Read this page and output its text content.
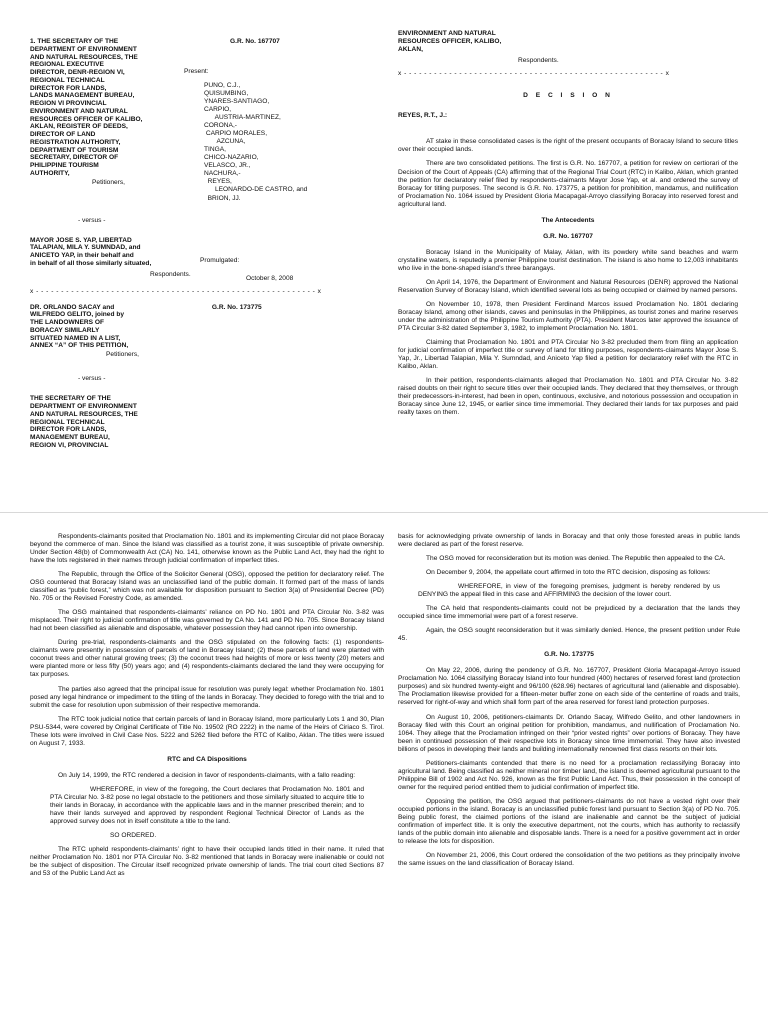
1. THE SECRETARY OF THE
DEPARTMENT OF ENVIRONMENT
AND NATURAL RESOURCES, THE
REGIONAL EXECUTIVE
DIRECTOR, DENR-REGION VI,
REGIONAL TECHNICAL
DIRECTOR FOR LANDS,
LANDS MANAGEMENT BUREAU,
REGION VI PROVINCIAL
ENVIRONMENT AND NATURAL
RESOURCES OFFICER OF KALIBO,
AKLAN, REGISTER OF DEEDS,
DIRECTOR OF LAND
REGISTRATION AUTHORITY,
DEPARTMENT OF TOURISM
SECRETARY, DIRECTOR OF
PHILIPPINE TOURISM
AUTHORITY,
Petitioners,
G.R. No. 167707
Present:
PUNO, C.J.,
QUISUMBING,
YNARES-SANTIAGO,
CARPIO,
AUSTRIA-MARTINEZ,
CORONA,-
CARPIO MORALES,
AZCUNA,
TINGA,
CHICO-NAZARIO,
VELASCO, JR.,
NACHURA,-
REYES,
LEONARDO-DE CASTRO, and
BRION, JJ.
- versus -
MAYOR JOSE S. YAP, LIBERTAD
TALAPIAN, MILA Y. SUMNDAD, and
ANICETO YAP, in their behalf and
in behalf of all those similarly situated,
Respondents.
Promulgated:
October 8, 2008
x - - - - - - - - - - - - - - - - - - - - - - - - - - - - - - - - - - - - - - - - - - - - - - - - - - - - - - - - x
DR. ORLANDO SACAY and
WILFREDO GELITO, joined by
THE LANDOWNERS OF
BORACAY SIMILARLY
SITUATED NAMED IN A LIST,
ANNEX “A” OF THIS PETITION,
Petitioners,
G.R. No. 173775
- versus -
THE SECRETARY OF THE
DEPARTMENT OF ENVIRONMENT
AND NATURAL RESOURCES, THE
REGIONAL TECHNICAL
DIRECTOR FOR LANDS,
MANAGEMENT BUREAU,
REGION VI, PROVINCIAL
ENVIRONMENT AND NATURAL
RESOURCES OFFICER, KALIBO,
AKLAN,
Respondents.
x - - - - - - - - - - - - - - - - - - - - - - - - - - - - - - - - - - - - - - - - - - - - - - - - - - - - x
D E C I S I O N
REYES, R.T., J.:

AT stake in these consolidated cases is the right of the present occupants of Boracay Island to secure titles over their occupied lands.

There are two consolidated petitions. The first is G.R. No. 167707, a petition for review on certiorari of the Decision of the Court of Appeals (CA) affirming that of the Regional Trial Court (RTC) in Kalibo, Aklan, which granted the petition for declaratory relief filed by respondents-claimants Mayor Jose Yap, et al. and ordered the survey of Boracay for titling purposes. The second is G.R. No. 173775, a petition for prohibition, mandamus, and nullification of Proclamation No. 1064 issued by President Gloria Macapagal-Arroyo classifying Boracay into reserved forest and agricultural land.

The Antecedents
G.R. No. 167707

Boracay Island in the Municipality of Malay, Aklan, with its powdery white sand beaches and warm crystalline waters, is reputedly a premier Philippine tourist destination. The island is also home to 12,003 inhabitants who live in the bone-shaped island’s three barangays.

On April 14, 1976, the Department of Environment and Natural Resources (DENR) approved the National Reservation Survey of Boracay Island, which identified several lots as being occupied or claimed by named persons.

On November 10, 1978, then President Ferdinand Marcos issued Proclamation No. 1801 declaring Boracay Island, among other islands, caves and peninsulas in the Philippines, as tourist zones and marine reserves under the administration of the Philippine Tourism Authority (PTA). President Marcos later approved the issuance of PTA Circular 3-82 dated September 3, 1982, to implement Proclamation No. 1801.

Claiming that Proclamation No. 1801 and PTA Circular No 3-82 precluded them from filing an application for judicial confirmation of imperfect title or survey of land for titling purposes, respondents-claimants Mayor Jose S. Yap, Jr., Libertad Talapian, Mila Y. Sumndad, and Aniceto Yap filed a petition for declaratory relief with the RTC in Kalibo, Aklan.

In their petition, respondents-claimants alleged that Proclamation No. 1801 and PTA Circular No. 3-82 raised doubts on their right to secure titles over their occupied lands. They declared that they themselves, or through their predecessors-in-interest, had been in open, continuous, exclusive, and notorious possession and occupation in Boracay since June 12, 1945, or earlier since time immemorial. They declared their lands for tax purposes and paid realty taxes on them.

Respondents-claimants posited that Proclamation No. 1801 and its implementing Circular did not place Boracay beyond the commerce of man. Since the Island was classified as a tourist zone, it was susceptible of private ownership. Under Section 48(b) of Commonwealth Act (CA) No. 141, otherwise known as the Public Land Act, they had the right to have the lots registered in their names through judicial confirmation of imperfect titles.

The Republic, through the Office of the Solicitor General (OSG), opposed the petition for declaratory relief. The OSG countered that Boracay Island was an unclassified land of the public domain. It formed part of the mass of lands classified as “public forest,” which was not available for disposition pursuant to Section 3(a) of Presidential Decree (PD) No. 705 or the Revised Forestry Code, as amended.

The OSG maintained that respondents-claimants’ reliance on PD No. 1801 and PTA Circular No. 3-82 was misplaced. Their right to judicial confirmation of title was governed by CA No. 141 and PD No. 705. Since Boracay Island had not been classified as alienable and disposable, whatever possession they had cannot ripen into ownership.

During pre-trial, respondents-claimants and the OSG stipulated on the following facts: (1) respondents-claimants were presently in possession of parcels of land in Boracay Island; (2) these parcels of land were planted with coconut trees and other natural growing trees; (3) the coconut trees had heights of more or less twenty (20) meters and were planted more or less fifty (50) years ago; and (4) respondents-claimants declared the land they were occupying for tax purposes.

The parties also agreed that the principal issue for resolution was purely legal: whether Proclamation No. 1801 posed any legal hindrance or impediment to the titling of the lands in Boracay. They decided to forego with the trial and to submit the case for resolution upon submission of their respective memoranda.

The RTC took judicial notice that certain parcels of land in Boracay Island, more particularly Lots 1 and 30, Plan PSU-5344, were covered by Original Certificate of Title No. 19502 (RO 2222) in the name of the Heirs of Ciriaco S. Tirol. These lots were involved in Civil Case Nos. 5222 and 5262 filed before the RTC of Kalibo, Aklan. The titles were issued on August 7, 1933.

RTC and CA Dispositions

On July 14, 1999, the RTC rendered a decision in favor of respondents-claimants, with a fallo reading:

WHEREFORE, in view of the foregoing, the Court declares that Proclamation No. 1801 and PTA Circular No. 3-82 pose no legal obstacle to the petitioners and those similarly situated to acquire title to their lands in Boracay, in accordance with the applicable laws and in the manner prescribed therein; and to have their lands surveyed and approved by respondent Regional Technical Director of Lands as the approved survey does not in itself constitute a title to the land.

SO ORDERED.

The RTC upheld respondents-claimants’ right to have their occupied lands titled in their name. It ruled that neither Proclamation No. 1801 nor PTA Circular No. 3-82 mentioned that lands in Boracay were inalienable or could not be the subject of disposition. The Circular itself recognized private ownership of lands. The trial court cited Sections 87 and 53 of the Public Land Act as

basis for acknowledging private ownership of lands in Boracay and that only those forested areas in public lands were declared as part of the forest reserve.

The OSG moved for reconsideration but its motion was denied. The Republic then appealed to the CA.

On December 9, 2004, the appellate court affirmed in toto the RTC decision, disposing as follows:

WHEREFORE, in view of the foregoing premises, judgment is hereby rendered by us DENYING the appeal filed in this case and AFFIRMING the decision of the lower court.

The CA held that respondents-claimants could not be prejudiced by a declaration that the lands they occupied since time immemorial were part of a forest reserve.

Again, the OSG sought reconsideration but it was similarly denied. Hence, the present petition under Rule 45.

G.R. No. 173775

On May 22, 2006, during the pendency of G.R. No. 167707, President Gloria Macapagal-Arroyo issued Proclamation No. 1064 classifying Boracay Island into four hundred (400) hectares of reserved forest land (protection purposes) and six hundred twenty-eight and 96/100 (628.96) hectares of agricultural land (alienable and disposable). The Proclamation likewise provided for a fifteen-meter buffer zone on each side of the centerline of roads and trails, reserved for right-of-way and which shall form part of the area reserved for forest land protection purposes.

On August 10, 2006, petitioners-claimants Dr. Orlando Sacay, Wilfredo Gelito, and other landowners in Boracay filed with this Court an original petition for prohibition, mandamus, and nullification of Proclamation No. 1064. They allege that the Proclamation infringed on their “prior vested rights” over portions of Boracay. They have been in continued possession of their respective lots in Boracay since time immemorial. They have also invested billions of pesos in developing their lands and building internationally renowned first class resorts on their lots.

Petitioners-claimants contended that there is no need for a proclamation reclassifying Boracay into agricultural land. Being classified as neither mineral nor timber land, the island is deemed agricultural pursuant to the Philippine Bill of 1902 and Act No. 926, known as the first Public Land Act. Thus, their possession in the concept of owner for the required period entitled them to judicial confirmation of imperfect title.

Opposing the petition, the OSG argued that petitioners-claimants do not have a vested right over their occupied portions in the island. Boracay is an unclassified public forest land pursuant to Section 3(a) of PD No. 705. Being public forest, the claimed portions of the island are inalienable and cannot be the subject of judicial confirmation of imperfect title. It is only the executive department, not the courts, which has authority to reclassify lands of the public domain into alienable and disposable lands. There is a need for a positive government act in order to release the lots for disposition.

On November 21, 2006, this Court ordered the consolidation of the two petitions as they principally involve the same issues on the land classification of Boracay Island.
